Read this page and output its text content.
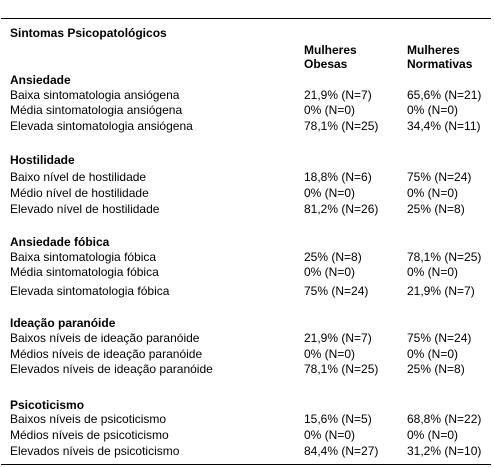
Sintomas Psicopatológicos
Mulheres
Obesas
Mulheres
Normativas
Ansiedade
Baixa sintomatologia ansiógena	21,9% (N=7)	65,6% (N=21)
Média sintomatologia ansiógena	0% (N=0)	0% (N=0)
Elevada sintomatologia ansiógena	78,1% (N=25) 34,4% (N=11)
Hostilidade
Baixo nível de hostilidade	18,8% (N=6)	75% (N=24)
Médio nível de hostilidade	0% (N=0)	0% (N=0)
Elevado nível de hostilidade	81,2% (N=26) 25% (N=8)
Ansiedade fóbica
Baixa sintomatologia fóbica	25% (N=8)	78,1% (N=25)
Média sintomatologia fóbica	0% (N=0)	0% (N=0)
Elevada sintomatologia fóbica	75% (N=24)	21,9% (N=7)
Ideação paranóide
Baixos níveis de ideação paranóide	21,9% (N=7)	75% (N=24)
Médios níveis de ideação paranóide	0% (N=0)	0% (N=0)
Elevados níveis de ideação paranóide	78,1% (N=25) 25% (N=8)
Psicoticismo
Baixos níveis de psicoticismo	15,6% (N=5)	68,8% (N=22)
Médios níveis de psicoticismo	0% (N=0)	0% (N=0)
Elevados níveis de psicoticismo	84,4% (N=27) 31,2% (N=10)
